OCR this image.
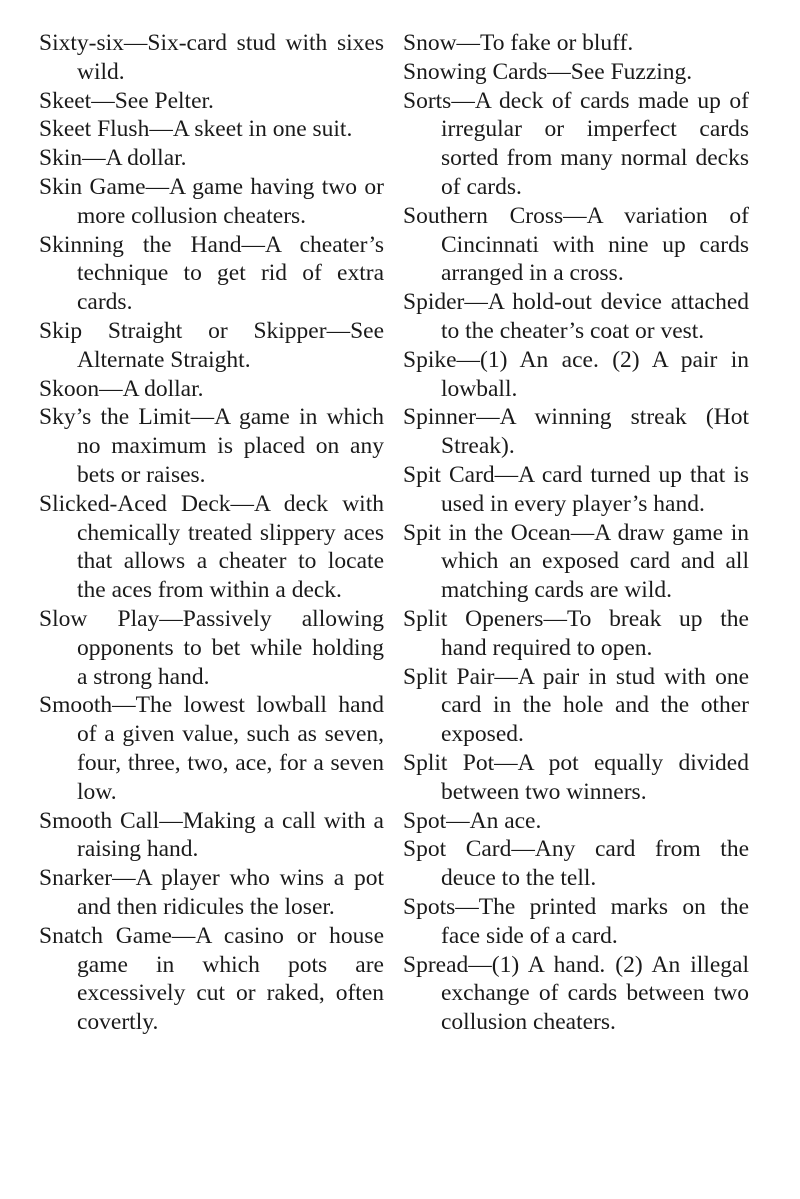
Sixty-six—Six-card stud with sixes wild.

Skeet—See Pelter.

Skeet Flush—A skeet in one suit.

Skin—A dollar.

Skin Game—A game having two or more collusion cheaters.

Skinning the Hand—A cheater’s technique to get rid of extra cards.

Skip Straight or Skipper—See Alternate Straight.

Skoon—A dollar.

Sky’s the Limit—A game in which no maximum is placed on any bets or raises.

Slicked-Aced Deck—A deck with chemically treated slippery aces that allows a cheater to locate the aces from within a deck.

Slow Play—Passively allowing opponents to bet while holding a strong hand.

Smooth—The lowest lowball hand of a given value, such as seven, four, three, two, ace, for a seven low.

Smooth Call—Making a call with a raising hand.

Snarker—A player who wins a pot and then ridicules the loser.

Snatch Game—A casino or house game in which pots are excessively cut or raked, often covertly.

Snow—To fake or bluff.

Snowing Cards—See Fuzzing.

Sorts—A deck of cards made up of irregular or imperfect cards sorted from many normal decks of cards.

Southern Cross—A variation of Cincinnati with nine up cards arranged in a cross.

Spider—A hold-out device attached to the cheater’s coat or vest.

Spike—(1) An ace. (2) A pair in lowball.

Spinner—A winning streak (Hot Streak).

Spit Card—A card turned up that is used in every player’s hand.

Spit in the Ocean—A draw game in which an exposed card and all matching cards are wild.

Split Openers—To break up the hand required to open.

Split Pair—A pair in stud with one card in the hole and the other exposed.

Split Pot—A pot equally divided between two winners.

Spot—An ace.

Spot Card—Any card from the deuce to the tell.

Spots—The printed marks on the face side of a card.

Spread—(1) A hand. (2) An illegal exchange of cards between two collusion cheaters.
